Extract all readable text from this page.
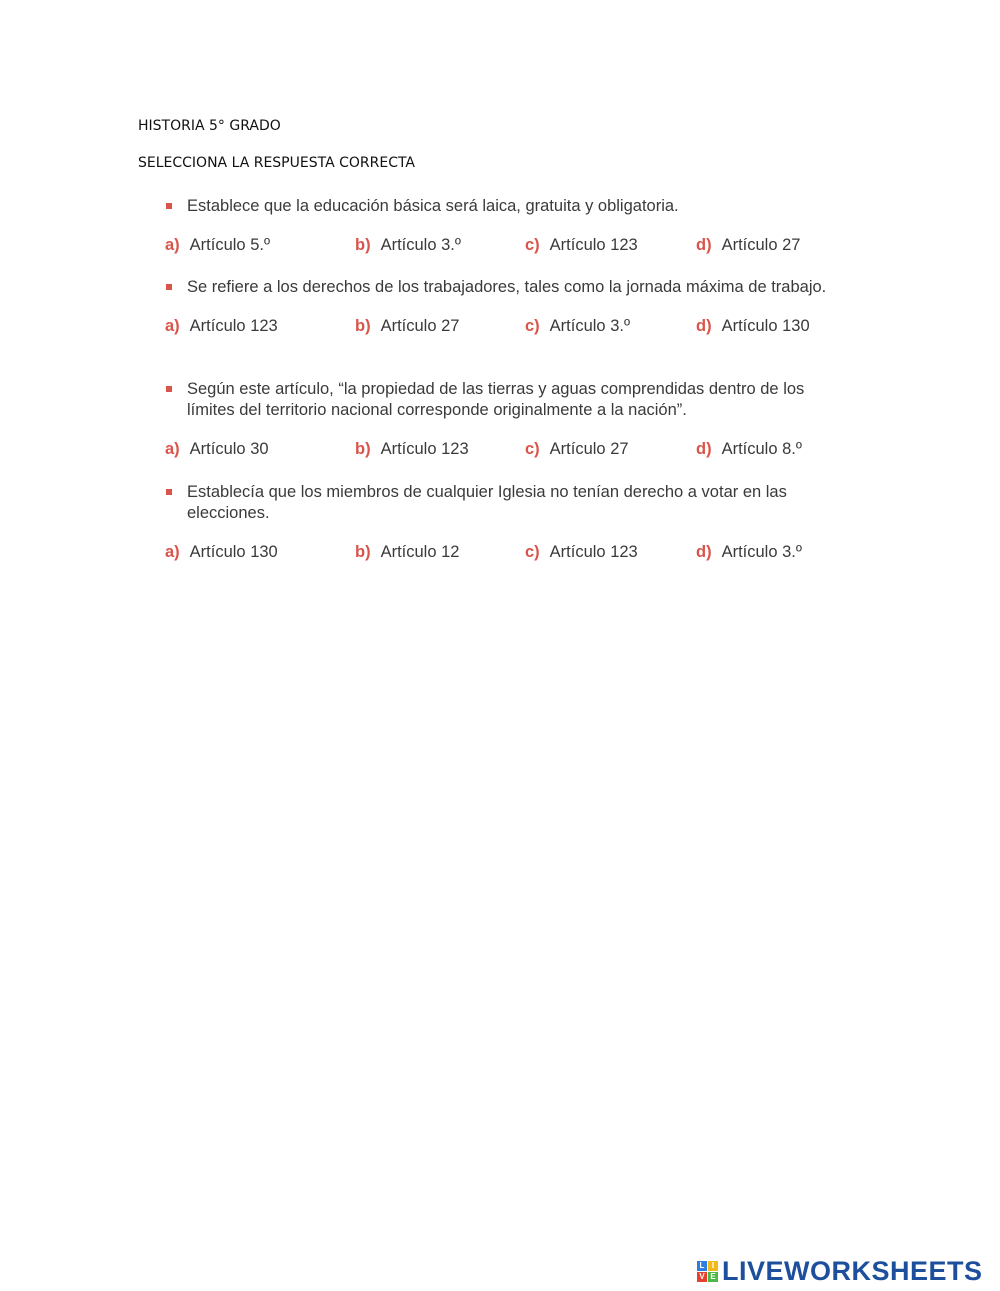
HISTORIA 5° GRADO
SELECCIONA LA RESPUESTA CORRECTA
Establece que la educación básica será laica, gratuita y obligatoria.
a) Artículo 5.º	b) Artículo 3.º	c) Artículo 123	d) Artículo 27
Se refiere a los derechos de los trabajadores, tales como la jornada máxima de trabajo.
a) Artículo 123	b) Artículo 27	c) Artículo 3.º	d) Artículo 130
Según este artículo, “la propiedad de las tierras y aguas comprendidas dentro de los límites del territorio nacional corresponde originalmente a la nación”.
a) Artículo 30	b) Artículo 123	c) Artículo 27	d) Artículo 8.º
Establecía que los miembros de cualquier Iglesia no tenían derecho a votar en las elecciones.
a) Artículo 130	b) Artículo 12	c) Artículo 123	d) Artículo 3.º
L I
V E LIVEWORKSHEETS
